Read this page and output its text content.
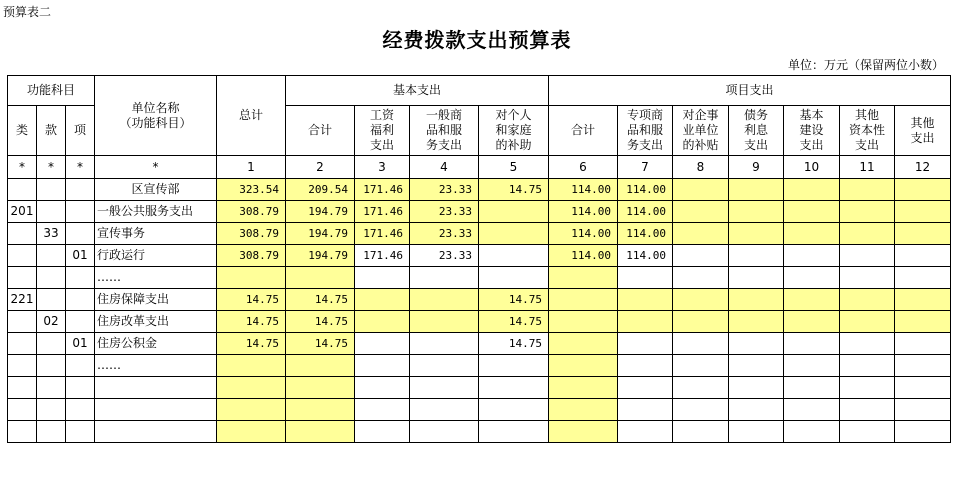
预算表二
经费拨款支出预算表
单位：万元（保留两位小数）
功能科目			单位名称
（功能科目）	总计	基本支出				项目支出						
类	款	项			合计	工资
福利
支出	一般商
品和服
务支出	对个人
和家庭
的补助	合计	专项商
品和服
务支出	对企事
业单位
的补贴	债务
利息
支出	基本
建设
支出	其他
资本性
支出	其他
支出
*	*	*	*	1	2	3	4	5	6	7	8	9	10	11	12
			区宣传部	323.54	209.54	171.46	23.33	14.75	114.00	114.00					
201			一般公共服务支出	308.79	194.79	171.46	23.33		114.00	114.00					
	33		宣传事务	308.79	194.79	171.46	23.33		114.00	114.00					
		01	行政运行	308.79	194.79	171.46	23.33		114.00	114.00					
			……												
221			住房保障支出	14.75	14.75			14.75							
	02		住房改革支出	14.75	14.75			14.75							
		01	住房公积金	14.75	14.75			14.75							
			……												
